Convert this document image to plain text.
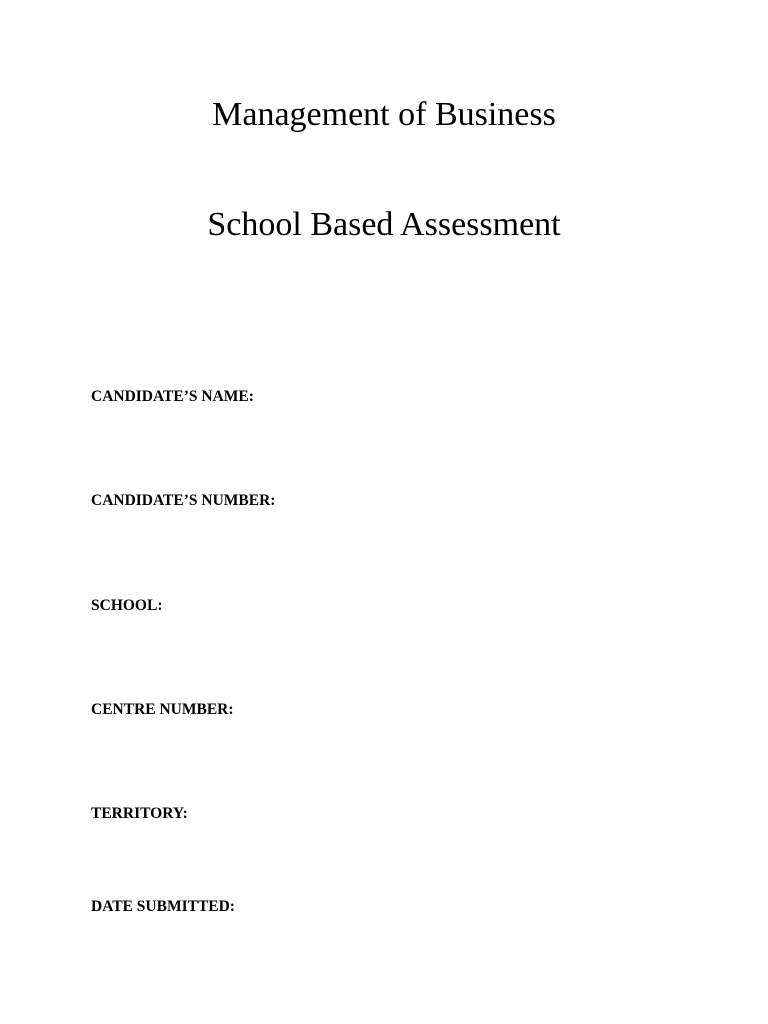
Management of Business
School Based Assessment
CANDIDATE’S NAME:
CANDIDATE’S NUMBER:
SCHOOL:
CENTRE NUMBER:
TERRITORY:
DATE SUBMITTED:
